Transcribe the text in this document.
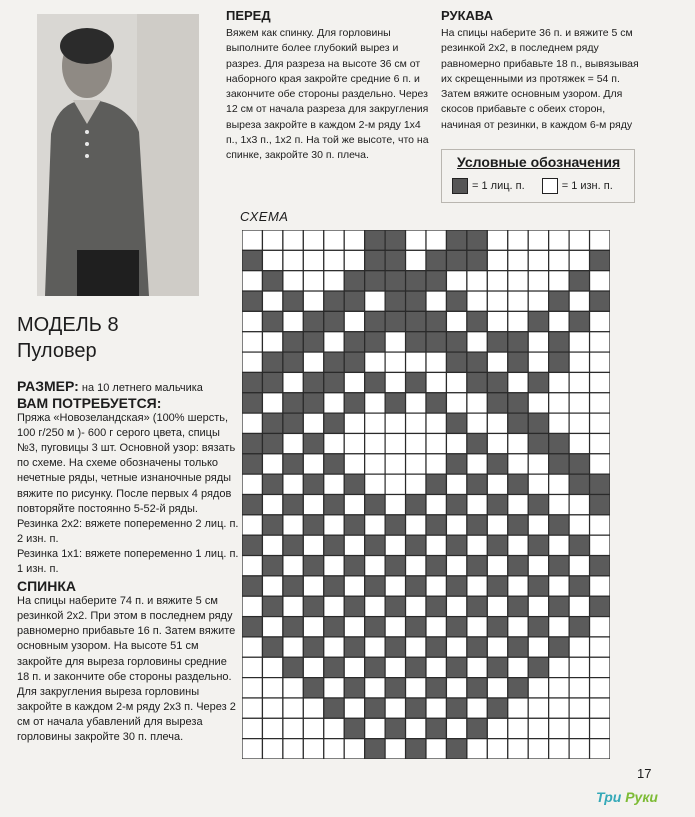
МОДЕЛЬ 8
Пуловер

РАЗМЕР: на 10 летнего мальчика

ВАМ ПОТРЕБУЕТСЯ:

Пряжа «Новозеландская» (100% шерсть, 100 г/250 м )- 600 г серого цвета, спицы №3, пуговицы 3 шт. Основной узор: вязать по схеме. На схеме обозначены только нечетные ряды, четные изнаночные ряды вяжите по рисунку. После первых 4 рядов повторяйте постоянно 5-52-й ряды.

Резинка 2х2: вяжете попеременно 2 лиц. п. 2 изн. п.

Резинка 1х1: вяжете попеременно 1 лиц. п. 1 изн. п.

СПИНКА

На спицы наберите 74 п. и вяжите 5 см резинкой 2х2. При этом в последнем ряду равномерно прибавьте 16 п. Затем вяжите основным узором. На высоте 51 см закройте для выреза горловины средние 18 п. и закончите обе стороны раздельно. Для закругления выреза горловины закройте в каждом 2-м ряду 2х3 п. Через 2 см от начала убавлений для выреза горловины закройте 30 п. плеча.

ПЕРЕД

Вяжем как спинку. Для горловины выполните более глубокий вырез и разрез. Для разреза на высоте 36 см от наборного края закройте средние 6 п. и закончите обе стороны раздельно. Через 12 см от начала разреза для закругления выреза закройте в каждом 2-м ряду 1х4 п., 1х3 п., 1х2 п. На той же высоте, что на спинке, закройте 30 п. плеча.

РУКАВА

На спицы наберите 36 п. и вяжите 5 см резинкой 2х2, в последнем ряду равномерно прибавьте 18 п., вывязывая их скрещенными из протяжек = 54 п. Затем вяжите основным узором. Для скосов прибавьте с обеих сторон, начиная от резинки, в каждом 6-м ряду

Условные обозначения
= 1 лиц. п.	= 1 изн. п.
СХЕМА
17
Три Руки
